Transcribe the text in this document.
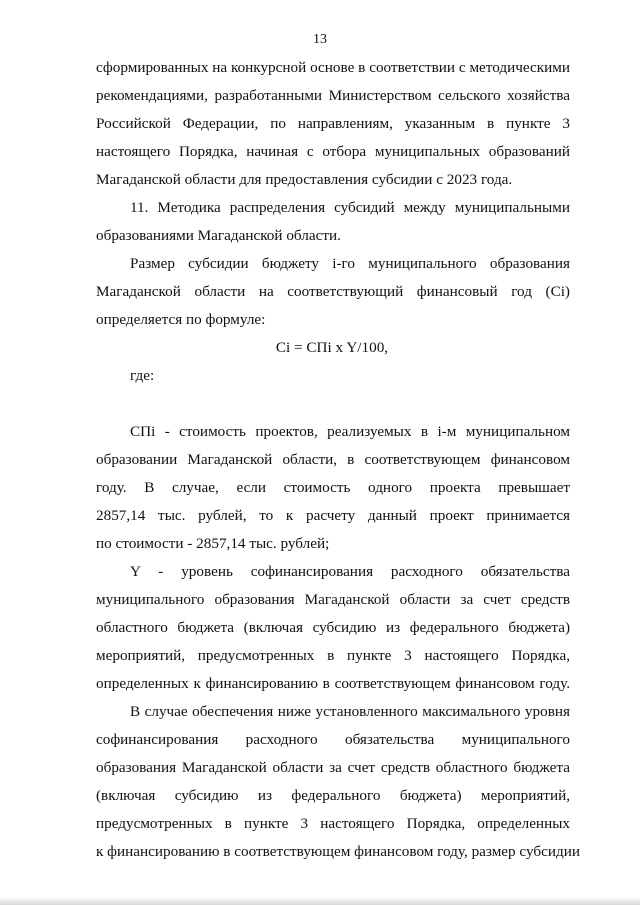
13
сформированных на конкурсной основе в соответствии с методическими
рекомендациями, разработанными Министерством сельского хозяйства
Российской Федерации, по направлениям, указанным в пункте 3
настоящего Порядка, начиная с отбора муниципальных образований
Магаданской области для предоставления субсидии с 2023 года.
11. Методика распределения субсидий между муниципальными
образованиями Магаданской области.
Размер субсидии бюджету i-го муниципального образования
Магаданской области на соответствующий финансовый год (Ci)
определяется по формуле:
Ci = СПi x Y/100,
где:
СПi - стоимость проектов, реализуемых в i-м муниципальном
образовании Магаданской области, в соответствующем финансовом
году. В случае, если стоимость одного проекта превышает
2857,14 тыс. рублей, то к расчету данный проект принимается
по стоимости - 2857,14 тыс. рублей;
Y - уровень софинансирования расходного обязательства
муниципального образования Магаданской области за счет средств
областного бюджета (включая субсидию из федерального бюджета)
мероприятий, предусмотренных в пункте 3 настоящего Порядка,
определенных к финансированию в соответствующем финансовом году.
В случае обеспечения ниже установленного максимального уровня
софинансирования расходного обязательства муниципального
образования Магаданской области за счет средств областного бюджета
(включая субсидию из федерального бюджета) мероприятий,
предусмотренных в пункте 3 настоящего Порядка, определенных
к финансированию в соответствующем финансовом году, размер субсидии
